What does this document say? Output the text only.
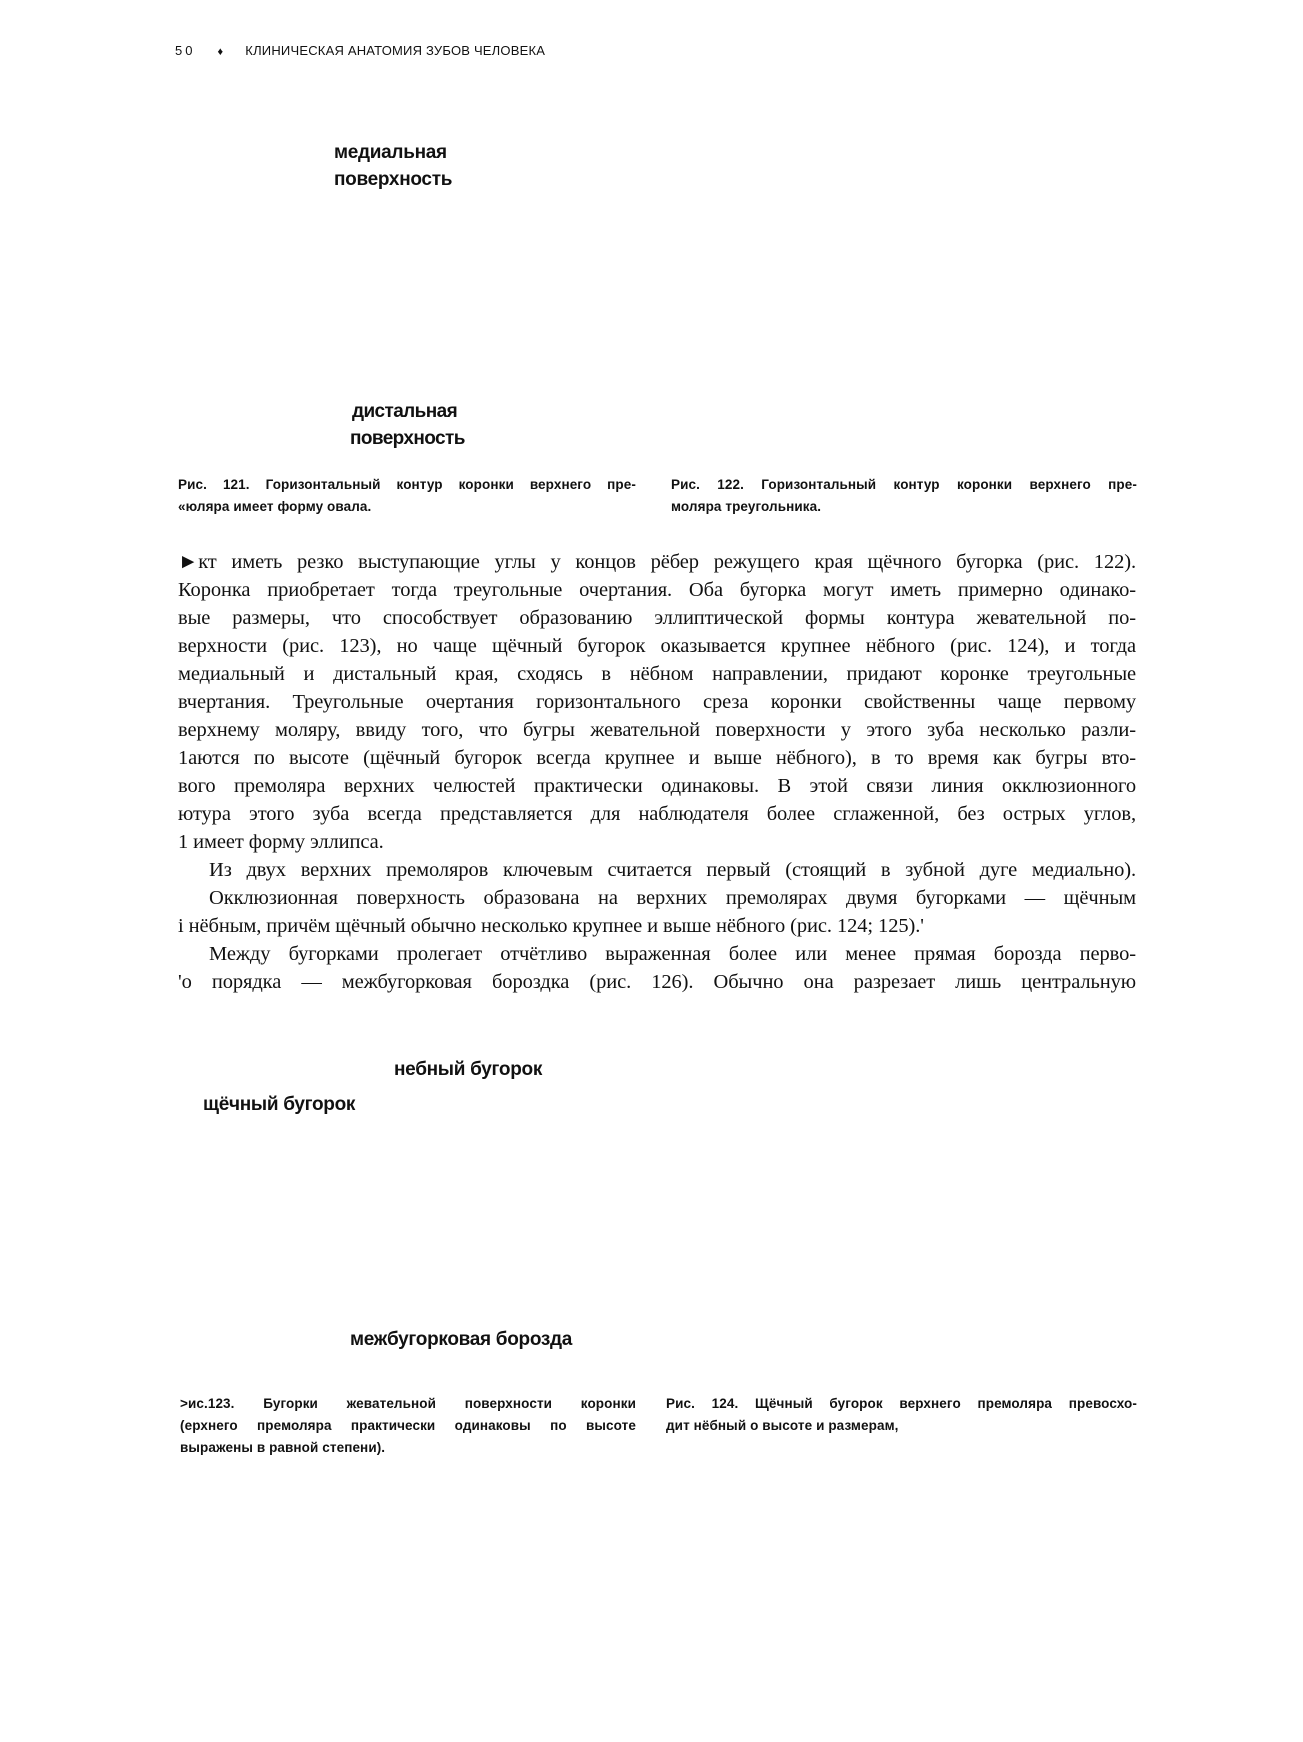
50 ♦ КЛИНИЧЕСКАЯ АНАТОМИЯ ЗУБОВ ЧЕЛОВЕКА
медиальная
поверхность
дистальная
поверхность
Рис. 121. Горизонтальный контур коронки верхнего пре-
«юляра имеет форму овала.
Рис. 122. Горизонтальный контур коронки верхнего пре-
моляра треугольника.
►кт иметь резко выступающие углы у концов рёбер режущего края щёчного бугорка (рис. 122).
Коронка приобретает тогда треугольные очертания. Оба бугорка могут иметь примерно одинако-
вые размеры, что способствует образованию эллиптической формы контура жевательной по-
верхности (рис. 123), но чаще щёчный бугорок оказывается крупнее нёбного (рис. 124), и тогда
медиальный и дистальный края, сходясь в нёбном направлении, придают коронке треугольные
вчертания. Треугольные очертания горизонтального среза коронки свойственны чаще первому
верхнему моляру, ввиду того, что бугры жевательной поверхности у этого зуба несколько разли-
1аются по высоте (щёчный бугорок всегда крупнее и выше нёбного), в то время как бугры вто-
вого премоляра верхних челюстей практически одинаковы. В этой связи линия окклюзионного
ютура этого зуба всегда представляется для наблюдателя более сглаженной, без острых углов,
1 имеет форму эллипса.
Из двух верхних премоляров ключевым считается первый (стоящий в зубной дуге медиально).
Окклюзионная поверхность образована на верхних премолярах двумя бугорками — щёчным
і нёбным, причём щёчный обычно несколько крупнее и выше нёбного (рис. 124; 125).'
Между бугорками пролегает отчётливо выраженная более или менее прямая борозда перво-
'о порядка — межбугорковая бороздка (рис. 126). Обычно она разрезает лишь центральную
небный бугорок
щёчный бугорок
межбугорковая борозда
>ис.123. Бугорки жевательной поверхности коронки
(ерхнего премоляра практически одинаковы по высоте
выражены в равной степени).
Рис. 124. Щёчный бугорок верхнего премоляра превосхо-
дит нёбный о высоте и размерам,
